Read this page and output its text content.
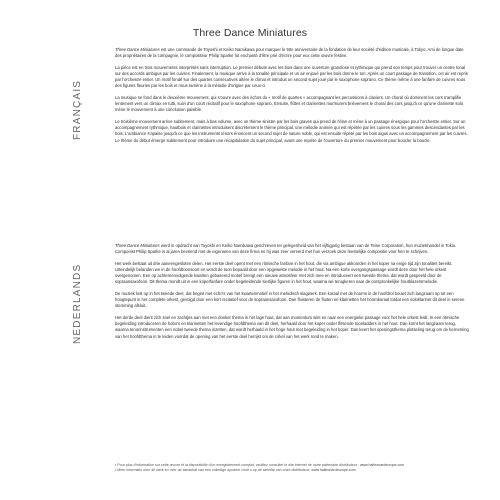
Three Dance Miniatures
FRANÇAIS

Three Dance Miniatures est une commande de Toyoshi et Keiko Namikawa pour marquer le 50e anniversaire de la fondation de leur société d'édition musicale, à Tokyo. Ami de longue date des propriétaires de la compagnie, le compositeur Philip Sparke fut enchanté d'être prié d'écrire pour eux cette œuvre festive.

La pièce est en trois mouvements interprétés sans interruption. Le premier débute avec les bois dans une ouverture grandiose et rythmique qui prend son temps pour trouver un centre tonal sur des accords ambigus par les cuivres. Finalement, la musique arrive à la tonalité principale et un air enjoué par les bois donne le ton. Après un court passage de transition, cet air est repris par l'orchestre entier. Un motif fondé sur des quartes consécutives altère le climat et introduit un second sujet joué par le saxophone soprano. Ce thème même à une fanfare de cuivres sous des figures fleuries par les bois et nous ramène à la mélodie d'origine par ceux-ci.

La musique se fond dans le deuxième mouvement, qui s'ouvre avec des échos du « motif de quartes » accompagnant les percussions à claviers. Un choral où dominent les cors s'amplifie lentement vers un climax en tutti, suivi d'un court récitatif pour le saxophone soprano. Ensuite, flûtes et clarinettes murmurent brièvement le choral des cors jusqu'à ce qu'une clarinette solo mène le mouvement à une conclusion paisible.

Le troisième mouvement arrive subitement, mais à bas volume, avec un thème sinistre par les bois graves qui prend de l'élan et mène à un passage énergique pour l'orchestre entier. Sur un accompagnement rythmique, hautbois et clarinettes introduisent discrètement le thème principal, une mélodie animée qui est répétée par les cuivres sous les gammes descendantes par les bois. L'ambiance s'apaise jusqu'à ce que les instruments ténors énoncent un second sujet de nature noble, qui est ensuite répété par les bois aigus avec un accompagnement par les cuivres. Le thème du début émerge subitement pour introduire une récapitulation du sujet principal, avant une reprise de l'ouverture du premier mouvement pour boucler la boucle.

NEDERLANDS

Three Dance Miniatures werd in opdracht van Toyoshi en Keiko Namikawa geschreven ter gelegenheid van het vijftigjarig bestaan van de Teine Corporation, hun muziekhandel in Tokio. Componist Philip Sparke is al jaren bevriend met de eigenaren van deze firma en hij was zeer vereerd met hun verzoek deze feestelijke compositie voor hen te schrijven.

Het werk bestaat uit drie aaneengesloten delen. Het eerste deel opent met een ritmische fanfare in het hout, die via ambigue akkoorden in het koper na enige tijd zijn tonaliteit bereikt. Uiteindelijk belanden we in de hoofdtoonsoort en wordt de toon bepaald door een opgewekte melodie in het hout. Na een korte overgangspassage wordt deze door het hele orkest overgenomen. Een op achtereenvolgende kwarten gebaseerd motief brengt een nieuwe atmosfeer met zich mee en introduceert een tweede thema, dat wordt gespeeld door de sopraansaxofoon. Dit thema mondt uit in een koperfanfare onder begeleidende sierlijke figuren in het hout, waarna we terugkeren naar de oorspronkelijke houtblazersmelodie.

De muziek lost op in het tweede deel, dat begint met echo's van het kwartenmotief in het melodisch slagwerk. Een koraal met de hoorns in de hoofdrol bouwt zich langzaam op tot een hoogtepunt in het complete orkest, gevolgd door een kort recitatief voor de sopraansaxofoon. Dan fluisteren de fluiten en klarinetten het hoornkoraal totdat een soloklarinet dit deel in serene stemming afsluit.

Het derde deel dient zich snel en zachtjes aan met een donker thema in het lage hout, dat aan momentum wint en naar een energieke passage voor het hele orkest leidt. In een ritmische begeleiding introduceren de hobo's en klarinetten het levendige hoofdthema van dit deel, herhaald door het koper onder flitsende toonladders in het hout. Dan komt het langzaam terug, waarna tenorinstrumenten een nobel tweede thema inzetten, dat wordt herhaald in het hoge hout met begeleiding in het koper. Dan keert het openingsthema plotseling terug om de herneming van het hoofdthema in te leiden voordat de opening van het eerste deel herrijst om de cirkel van het werk rond te maken.

• Pour plus d'information sur cette œuvre et la disponibilité d'un enregistrement complet, veuillez consulter le site internet de notre partenaire distributeur : www.halleonardeurope.com

• Meer informatie over dit werk en over de aanschaf van een volledige opname vindt u op de website van onze distributeur: www.halleonardeurope.com
